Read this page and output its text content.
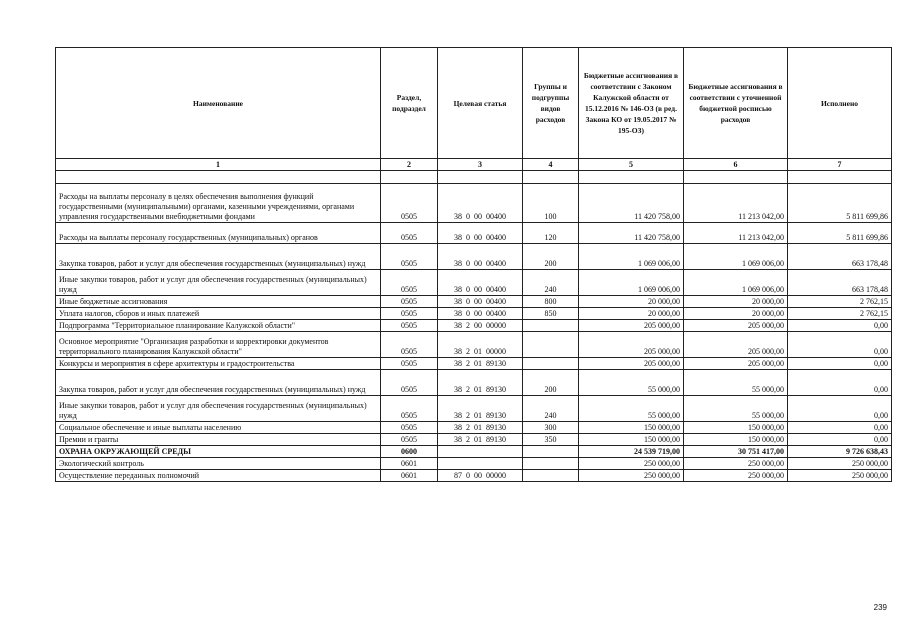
Наименование	Раздел, подраздел	Целевая статья	Группы и подгруппы видов расходов	Бюджетные ассигнования в соответствии с Законом Калужской области от 15.12.2016 № 146-ОЗ (в ред. Закона КО от 19.05.2017 № 195-ОЗ)	Бюджетные ассигнования в соответствии с уточненной бюджетной росписью расходов	Исполнено
1	2	3	4	5	6	7

Расходы на выплаты персоналу в целях обеспечения выполнения функций государственными (муниципальными) органами, казенными учреждениями, органами управления государственными внебюджетными фондами	0505	38  0  00  00400	100	11 420 758,00	11 213 042,00	5 811 699,86
Расходы на выплаты персоналу государственных (муниципальных) органов	0505	38  0  00  00400	120	11 420 758,00	11 213 042,00	5 811 699,86
Закупка товаров, работ и услуг для обеспечения государственных (муниципальных) нужд	0505	38  0  00  00400	200	1 069 006,00	1 069 006,00	663 178,48
Иные закупки товаров, работ и услуг для обеспечения государственных (муниципальных) нужд	0505	38  0  00  00400	240	1 069 006,00	1 069 006,00	663 178,48
Иные бюджетные ассигнования	0505	38  0  00  00400	800	20 000,00	20 000,00	2 762,15
Уплата налогов, сборов и иных платежей	0505	38  0  00  00400	850	20 000,00	20 000,00	2 762,15
Подпрограмма "Территориальное планирование Калужской области"	0505	38  2  00  00000		205 000,00	205 000,00	0,00
Основное мероприятие "Организация разработки и корректировки документов территориального планирования Калужской области"	0505	38  2  01  00000		205 000,00	205 000,00	0,00
Конкурсы и мероприятия в сфере архитектуры и градостроительства	0505	38  2  01  89130		205 000,00	205 000,00	0,00
Закупка товаров, работ и услуг для обеспечения государственных (муниципальных) нужд	0505	38  2  01  89130	200	55 000,00	55 000,00	0,00
Иные закупки товаров, работ и услуг для обеспечения государственных (муниципальных) нужд	0505	38  2  01  89130	240	55 000,00	55 000,00	0,00
Социальное обеспечение и иные выплаты населению	0505	38  2  01  89130	300	150 000,00	150 000,00	0,00
Премии и гранты	0505	38  2  01  89130	350	150 000,00	150 000,00	0,00
ОХРАНА ОКРУЖАЮЩЕЙ СРЕДЫ	0600			24 539 719,00	30 751 417,00	9 726 638,43
Экологический контроль	0601			250 000,00	250 000,00	250 000,00
Осуществление переданных полномочий	0601	87  0  00  00000		250 000,00	250 000,00	250 000,00
239
